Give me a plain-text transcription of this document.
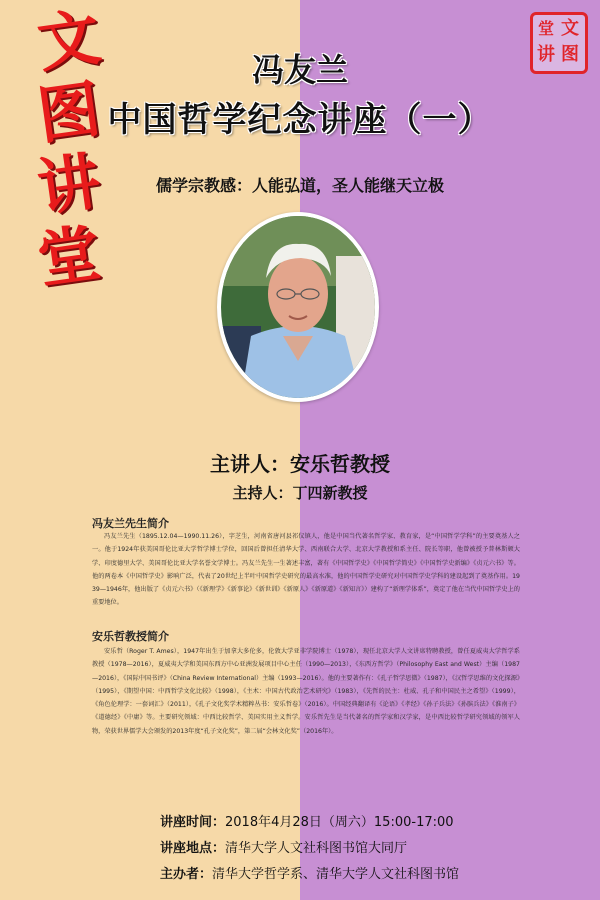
文
图
讲
堂
讲
文
图
堂
冯友兰
中国哲学纪念讲座（一）
儒学宗教感：人能弘道，圣人能继天立极
主讲人：安乐哲教授
主持人：丁四新教授
冯友兰先生简介
冯友兰先生（1895.12.04—1990.11.26），字芝生，河南省唐河县祁仪镇人，他是中国当代著名哲学家、教育家，是“中国哲学学科”的主要奠基人之一。他于1924年获美国哥伦比亚大学哲学博士学位，回国后曾担任清华大学、西南联合大学、北京大学教授和系主任、院长等职，他曾被授予普林斯顿大学、印度德里大学、美国哥伦比亚大学名誉文学博士。冯友兰先生一生著述丰富，著有《中国哲学史》《中国哲学简史》《中国哲学史新编》《贞元六书》等。他的两卷本《中国哲学史》影响广泛，代表了20世纪上半叶中国哲学史研究的最高水准，他的中国哲学史研究对中国哲学史学科的建设起到了奠基作用。1939—1946年，他出版了《贞元六书》（《新理学》《新事论》《新世训》《新原人》《新原道》《新知言》）建构了“新理学体系”，奠定了他在当代中国哲学史上的重要地位。
安乐哲教授简介
安乐哲（Roger T. Ames），1947年出生于加拿大多伦多，伦敦大学亚非学院博士（1978），现任北京大学人文讲席特聘教授，曾任夏威夷大学哲学系教授（1978—2016），夏威夷大学和美国东西方中心亚洲发展项目中心主任（1990—2013），《东西方哲学》（Philosophy East and West）主编（1987—2016），《国际中国书评》（China Review International）主编（1993—2016）。他的主要著作有：《孔子哲学思微》（1987），《汉哲学思维的文化探源》（1995），《期望中国：中西哲学文化比较》（1998），《主术：中国古代政治艺术研究》（1983），《先哲的民主：杜威、孔子和中国民主之希望》（1999），《角色伦理学：一套词汇》（2011），《孔子文化奖学术精粹丛书：安乐哲卷》（2016）。中国经典翻译有《论语》《孝经》《孙子兵法》《孙膑兵法》《淮南子》《道德经》《中庸》等。主要研究领域：中西比较哲学、美国实用主义哲学。安乐哲先生是当代著名的哲学家和汉学家，是中西比较哲学研究领域的领军人物，荣获世界儒学大会颁发的2013年度“孔子文化奖”，第二届“会林文化奖”（2016年）。
讲座时间：2018年4月28日（周六）15:00-17:00
讲座地点：清华大学人文社科图书馆大同厅
主办者：清华大学哲学系、清华大学人文社科图书馆
